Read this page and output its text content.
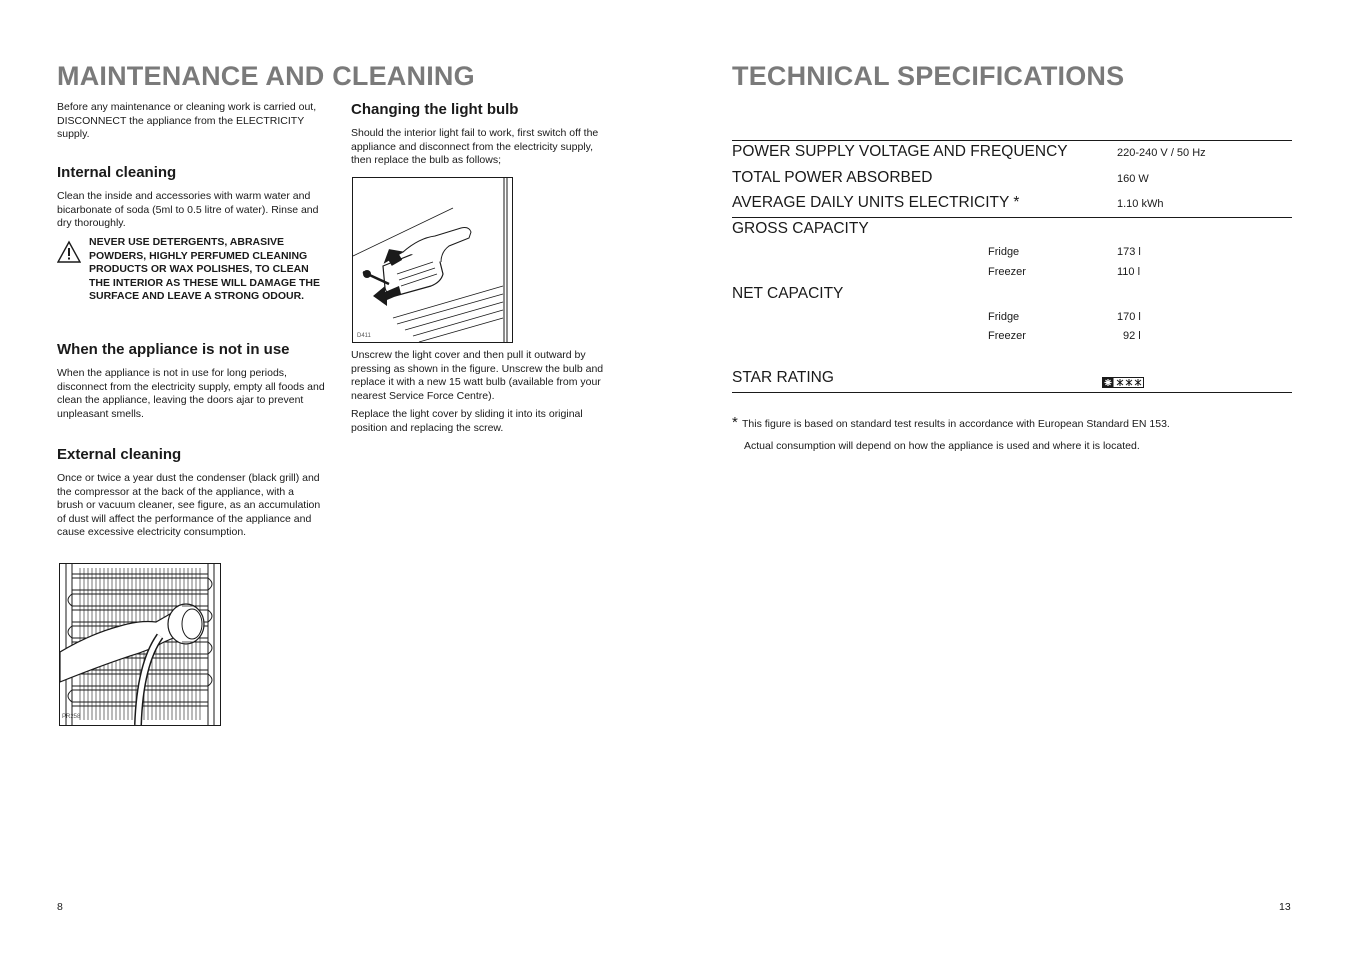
MAINTENANCE AND CLEANING
Before any maintenance or cleaning work is carried out, DISCONNECT the appliance from the ELECTRICITY supply.
Internal cleaning
Clean the inside and accessories with warm water and bicarbonate of soda (5ml to 0.5 litre of water). Rinse and dry thoroughly.
NEVER USE DETERGENTS, ABRASIVE POWDERS, HIGHLY PERFUMED CLEANING PRODUCTS OR WAX POLISHES, TO CLEAN THE INTERIOR AS THESE WILL DAMAGE THE SURFACE AND LEAVE A STRONG ODOUR.
When the appliance is not in use
When the appliance is not in use for long periods, disconnect from the electricity supply, empty all foods and clean the appliance, leaving the doors ajar to prevent unpleasant smells.
External cleaning
Once or twice a year dust the condenser (black grill) and the compressor at the back of the appliance, with a brush or vacuum cleaner, see figure, as an accumulation of dust will affect the performance of the appliance and cause excessive electricity consumption.
PR258
Changing the light bulb
Should the interior light fail to work, first switch off the appliance and disconnect from the electricity supply, then replace the bulb as follows;
D411
Unscrew the light cover and then pull it outward by pressing as shown in the figure. Unscrew the bulb and replace it with a new 15 watt bulb (available from your nearest Service Force Centre).
Replace the light cover by sliding it into its original position and replacing the screw.
8
TECHNICAL SPECIFICATIONS
POWER SUPPLY VOLTAGE AND FREQUENCY	220-240 V / 50 Hz
TOTAL POWER ABSORBED	160 W
AVERAGE DAILY UNITS ELECTRICITY *	1.10 kWh
GROSS CAPACITY
Fridge	173 l
Freezer	110 l
NET CAPACITY
Fridge	170 l
Freezer	92 l
STAR RATING
* This figure is based on standard test results in accordance with European Standard EN 153.
Actual consumption will depend on how the appliance is used and where it is located.
13
